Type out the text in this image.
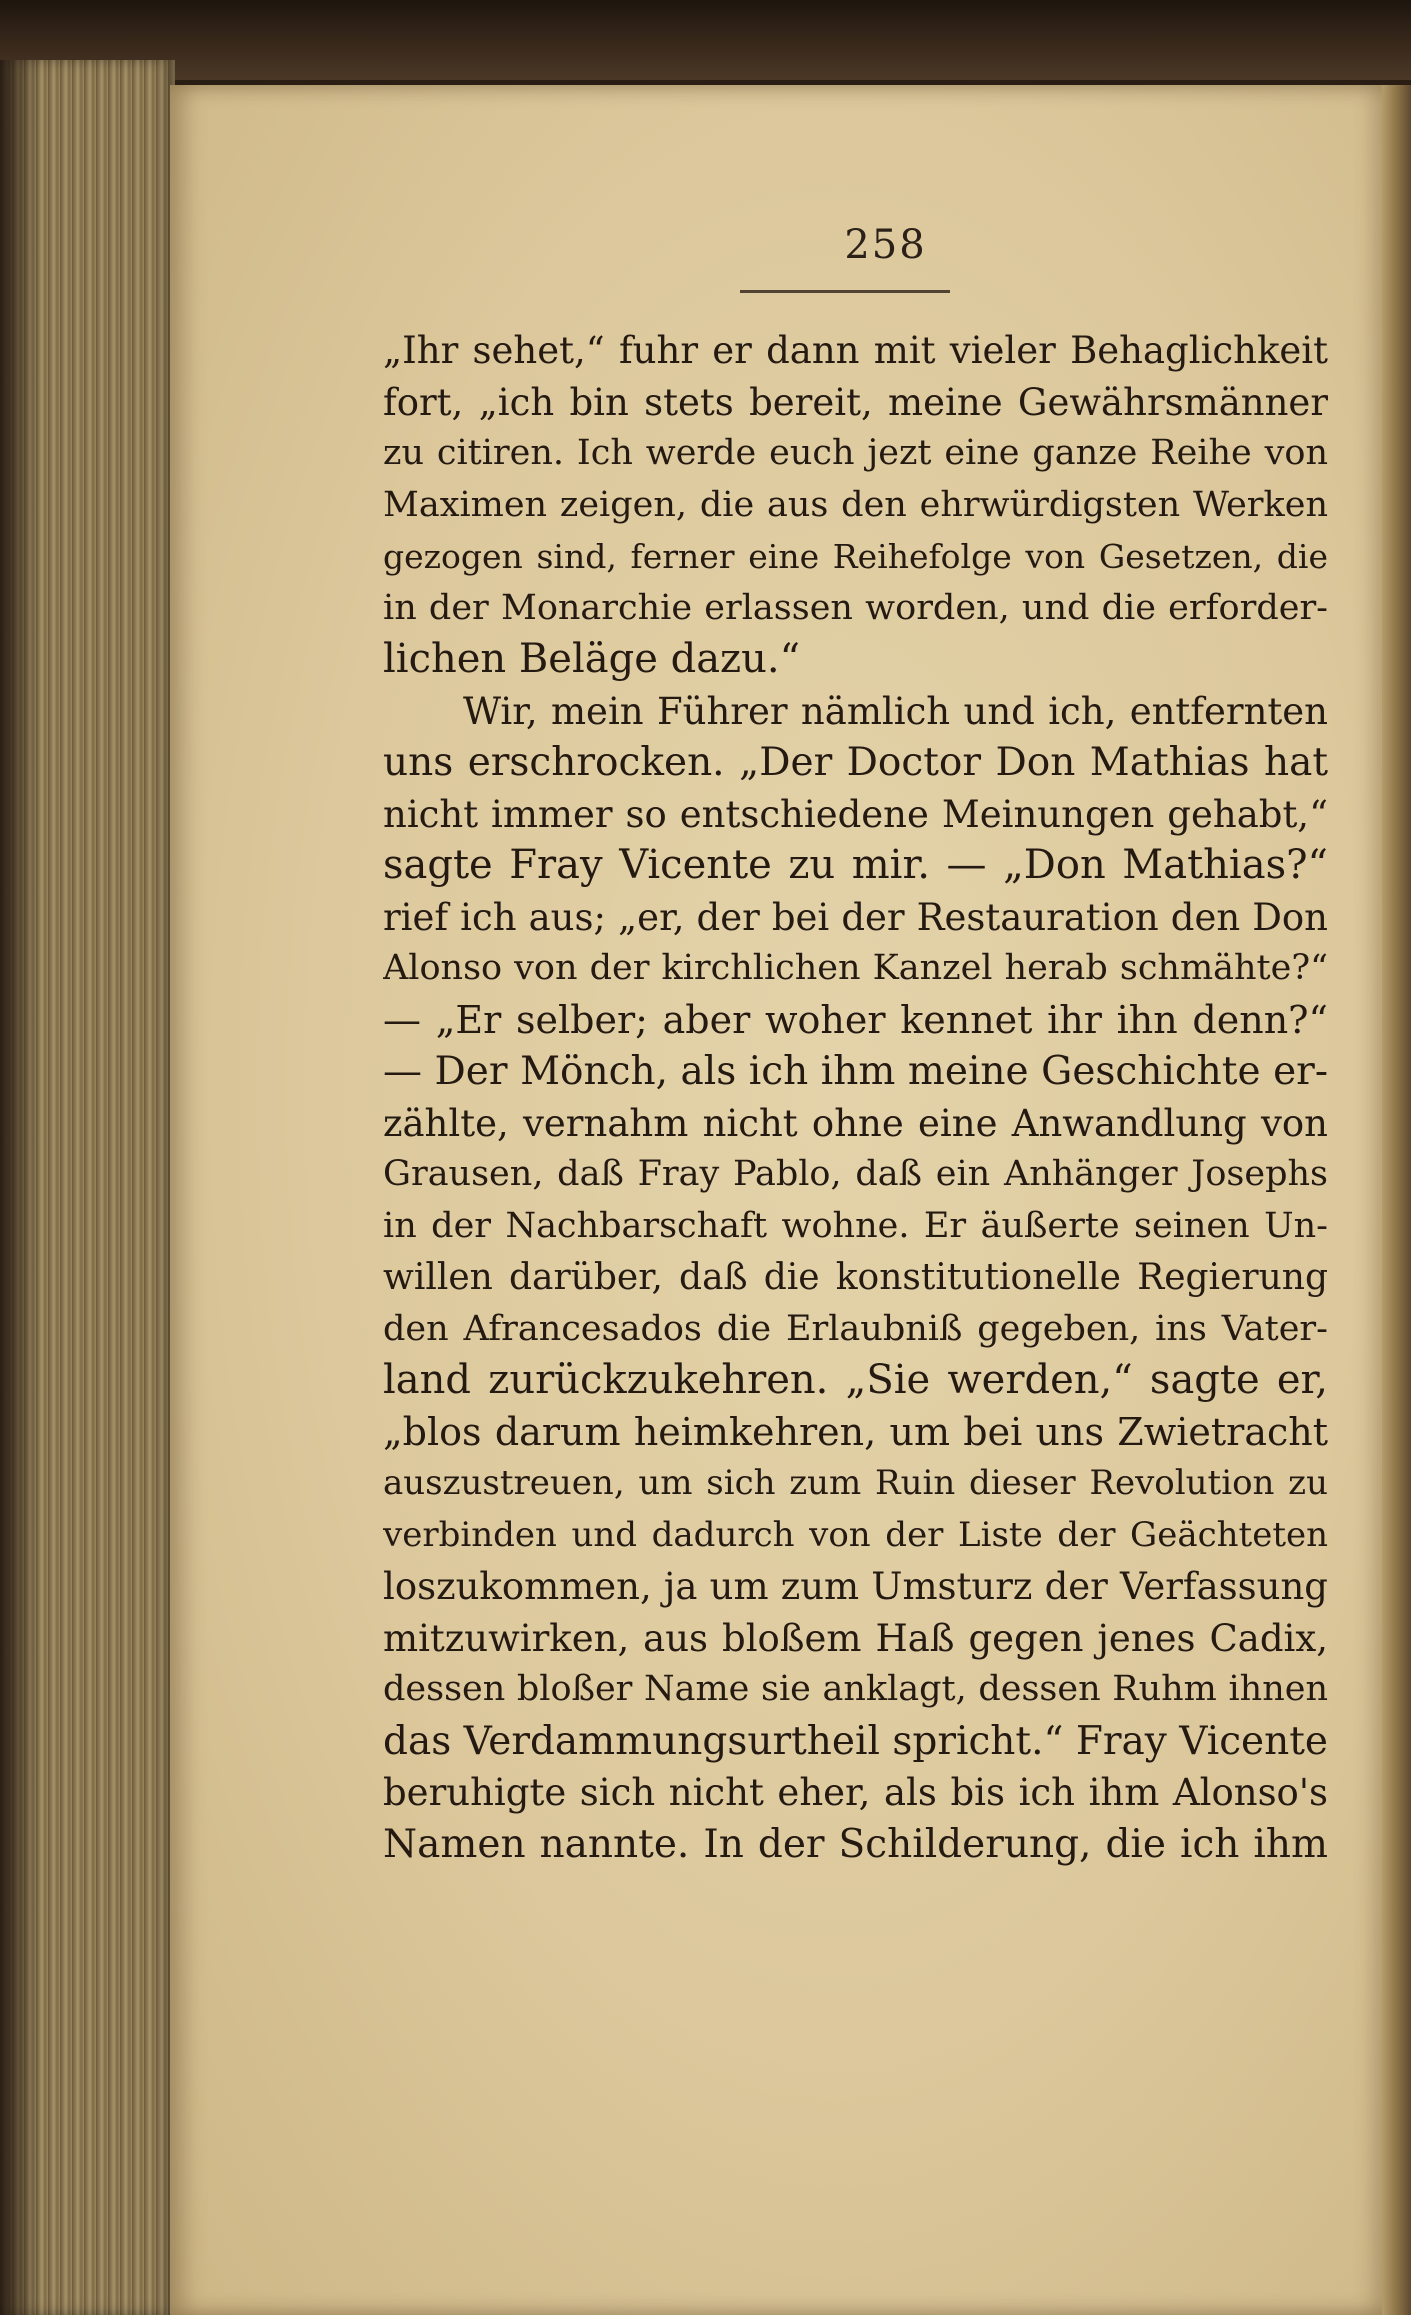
258
„Ihr sehet,“ fuhr er dann mit vieler Behaglichkeit
fort, „ich bin stets bereit, meine Gewährsmänner
zu citiren. Ich werde euch jezt eine ganze Reihe von
Maximen zeigen, die aus den ehrwürdigsten Werken
gezogen sind, ferner eine Reihefolge von Gesetzen, die
in der Monarchie erlassen worden, und die erforder-
lichen Beläge dazu.“
Wir, mein Führer nämlich und ich, entfernten
uns erschrocken. „Der Doctor Don Mathias hat
nicht immer so entschiedene Meinungen gehabt,“
sagte Fray Vicente zu mir. — „Don Mathias?“
rief ich aus; „er, der bei der Restauration den Don
Alonso von der kirchlichen Kanzel herab schmähte?“
— „Er selber; aber woher kennet ihr ihn denn?“
— Der Mönch, als ich ihm meine Geschichte er-
zählte, vernahm nicht ohne eine Anwandlung von
Grausen, daß Fray Pablo, daß ein Anhänger Josephs
in der Nachbarschaft wohne. Er äußerte seinen Un-
willen darüber, daß die konstitutionelle Regierung
den Afrancesados die Erlaubniß gegeben, ins Vater-
land zurückzukehren. „Sie werden,“ sagte er,
„blos darum heimkehren, um bei uns Zwietracht
auszustreuen, um sich zum Ruin dieser Revolution zu
verbinden und dadurch von der Liste der Geächteten
loszukommen, ja um zum Umsturz der Verfassung
mitzuwirken, aus bloßem Haß gegen jenes Cadix,
dessen bloßer Name sie anklagt, dessen Ruhm ihnen
das Verdammungsurtheil spricht.“ Fray Vicente
beruhigte sich nicht eher, als bis ich ihm Alonso's
Namen nannte. In der Schilderung, die ich ihm
